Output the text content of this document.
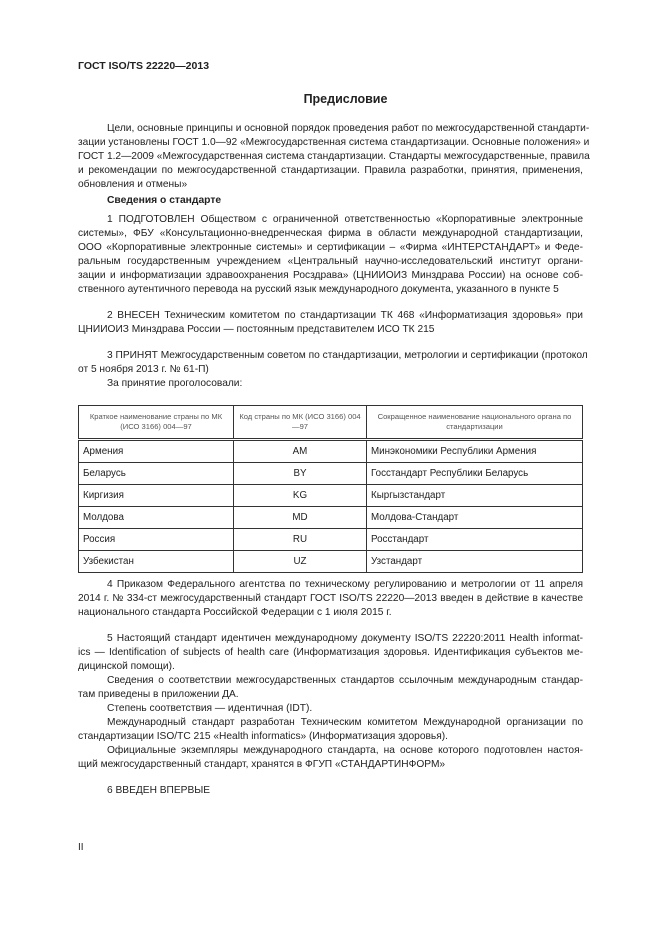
ГОСТ ISO/TS 22220—2013
Предисловие
Сведения о стандарте
Цели, основные принципы и основной порядок проведения работ по межгосударственной стандарти-
зации установлены ГОСТ 1.0—92 «Межгосударственная система стандартизации. Основные положения» и
ГОСТ 1.2—2009 «Межгосударственная система стандартизации. Стандарты межгосударственные, правила
и рекомендации по межгосударственной стандартизации. Правила разработки, принятия, применения,
обновления и отмены»
1 ПОДГОТОВЛЕН Обществом с ограниченной ответственностью «Корпоративные электронные
системы», ФБУ «Консультационно-внедренческая фирма в области международной стандартизации,
ООО «Корпоративные электронные системы» и сертификации – «Фирма «ИНТЕРСТАНДАРТ» и Феде-
ральным государственным учреждением «Центральный научно-исследовательский институт органи-
зации и информатизации здравоохранения Росздрава» (ЦНИИОИЗ Минздрава России) на основе соб-
ственного аутентичного перевода на русский язык международного документа, указанного в пункте 5
2 ВНЕСЕН Техническим комитетом по стандартизации ТК 468 «Информатизация здоровья» при
ЦНИИОИЗ Минздрава России — постоянным представителем ИСО ТК 215
3 ПРИНЯТ Межгосударственным советом по стандартизации, метрологии и сертификации (протокол
от 5 ноября 2013 г. № 61-П)
За принятие проголосовали:
4 Приказом Федерального агентства по техническому регулированию и метрологии от 11 апреля
2014 г. № 334-ст межгосударственный стандарт ГОСТ ISO/TS 22220—2013 введен в действие в качестве
национального стандарта Российской Федерации с 1 июля 2015 г.
5 Настоящий стандарт идентичен международному документу ISO/TS 22220:2011 Health informat-
ics — Identification of subjects of health care (Информатизация здоровья. Идентификация субъектов ме-
дицинской помощи).
Сведения о соответствии межгосударственных стандартов ссылочным международным стандар-
там приведены в приложении ДА.
Степень соответствия — идентичная (IDT).
Международный стандарт разработан Техническим комитетом Международной организации по
стандартизации ISO/TC 215 «Health informatics» (Информатизация здоровья).
Официальные экземпляры международного стандарта, на основе которого подготовлен настоя-
щий межгосударственный стандарт, хранятся в ФГУП «СТАНДАРТИНФОРМ»
6 ВВЕДЕН ВПЕРВЫЕ
Краткое наименование страны по МК (ИСО 3166) 004—97	Код страны по МК (ИСО 3166) 004—97	Сокращенное наименование национального органа по стандартизации
Армения	AM	Минэкономики Республики Армения
Беларусь	BY	Госстандарт Республики Беларусь
Киргизия	KG	Кыргызстандарт
Молдова	MD	Молдова-Стандарт
Россия	RU	Росстандарт
Узбекистан	UZ	Узстандарт
II
